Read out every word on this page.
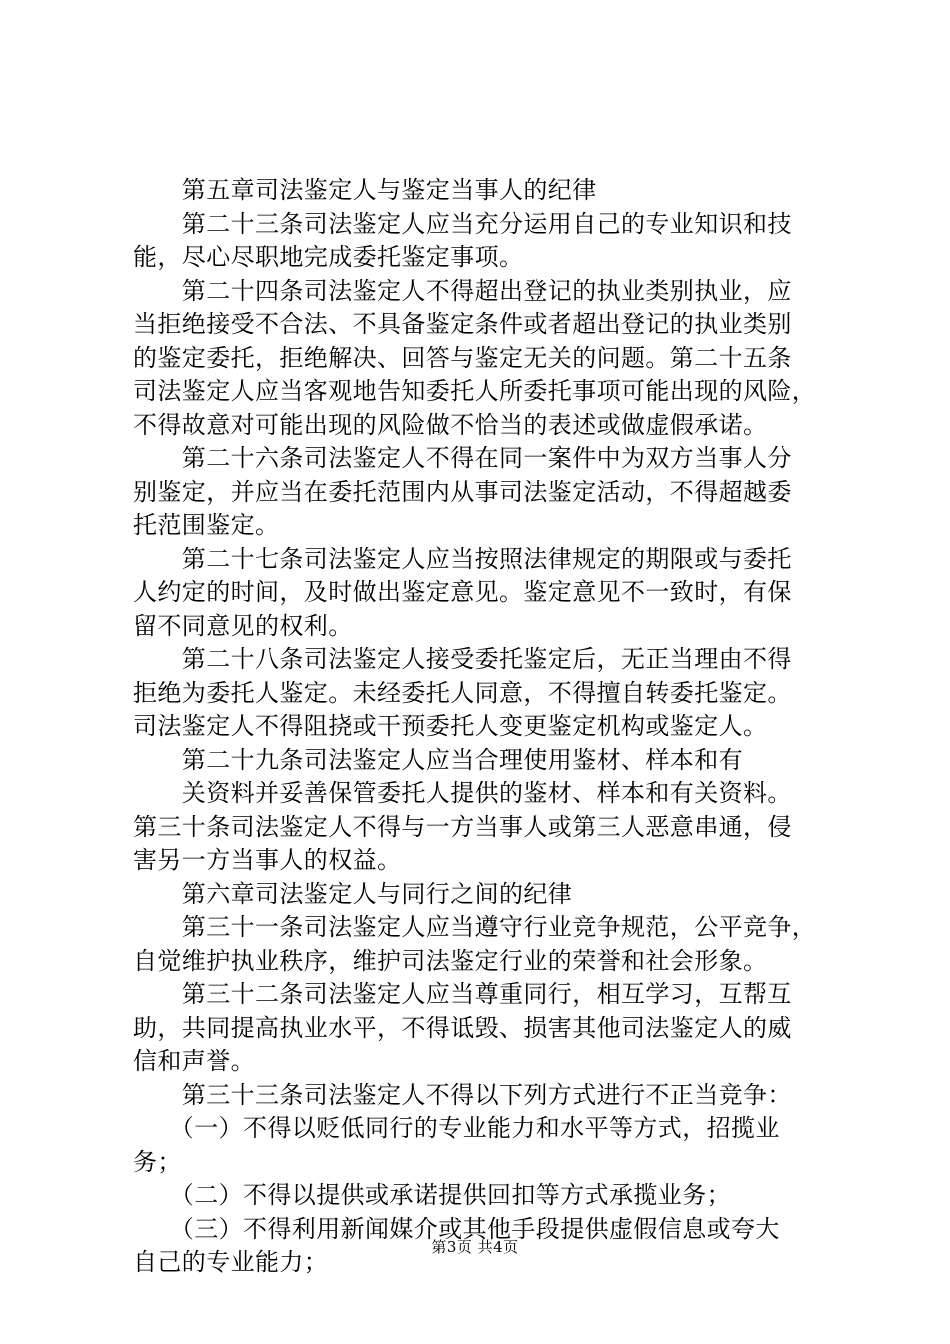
　　第五章司法鉴定人与鉴定当事人的纪律
　　第二十三条司法鉴定人应当充分运用自己的专业知识和技
能，尽心尽职地完成委托鉴定事项。
　　第二十四条司法鉴定人不得超出登记的执业类别执业，应
当拒绝接受不合法、不具备鉴定条件或者超出登记的执业类别
的鉴定委托，拒绝解决、回答与鉴定无关的问题。第二十五条
司法鉴定人应当客观地告知委托人所委托事项可能出现的风险，
不得故意对可能出现的风险做不恰当的表述或做虚假承诺。
　　第二十六条司法鉴定人不得在同一案件中为双方当事人分
别鉴定，并应当在委托范围内从事司法鉴定活动，不得超越委
托范围鉴定。
　　第二十七条司法鉴定人应当按照法律规定的期限或与委托
人约定的时间，及时做出鉴定意见。鉴定意见不一致时，有保
留不同意见的权利。
　　第二十八条司法鉴定人接受委托鉴定后，无正当理由不得
拒绝为委托人鉴定。未经委托人同意，不得擅自转委托鉴定。
司法鉴定人不得阻挠或干预委托人变更鉴定机构或鉴定人。
　　第二十九条司法鉴定人应当合理使用鉴材、样本和有
　　关资料并妥善保管委托人提供的鉴材、样本和有关资料。
第三十条司法鉴定人不得与一方当事人或第三人恶意串通，侵
害另一方当事人的权益。
　　第六章司法鉴定人与同行之间的纪律
　　第三十一条司法鉴定人应当遵守行业竞争规范，公平竞争，
自觉维护执业秩序，维护司法鉴定行业的荣誉和社会形象。
　　第三十二条司法鉴定人应当尊重同行，相互学习，互帮互
助，共同提高执业水平，不得诋毁、损害其他司法鉴定人的威
信和声誉。
　　第三十三条司法鉴定人不得以下列方式进行不正当竞争：
　　（一）不得以贬低同行的专业能力和水平等方式，招揽业
务；
　　（二）不得以提供或承诺提供回扣等方式承揽业务；
　　（三）不得利用新闻媒介或其他手段提供虚假信息或夸大
自己的专业能力；
第3页 共4页
